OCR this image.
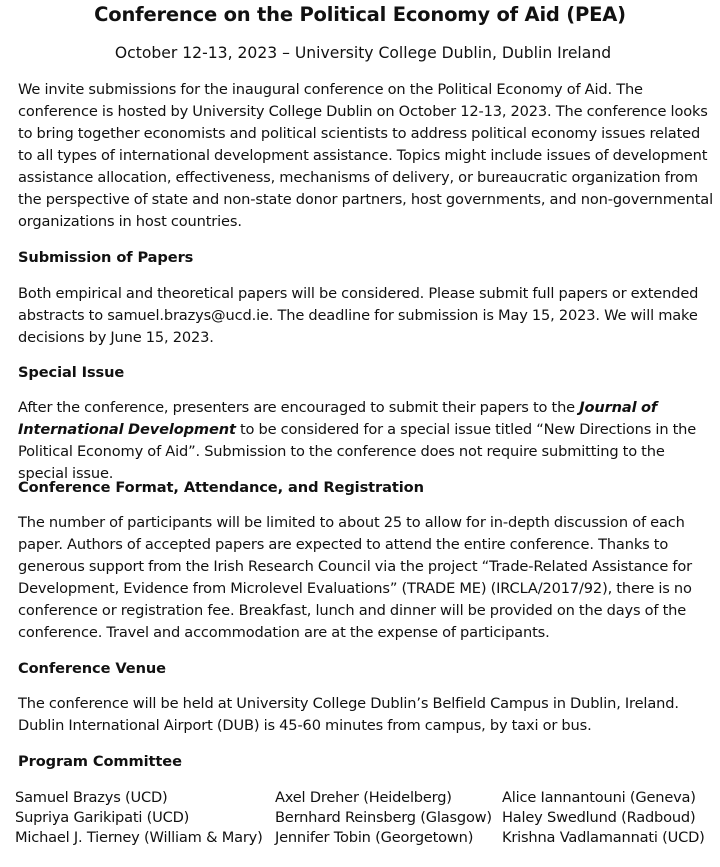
Conference on the Political Economy of Aid (PEA)
October 12-13, 2023 – University College Dublin, Dublin Ireland
We invite submissions for the inaugural conference on the Political Economy of Aid. The conference is hosted by University College Dublin on October 12-13, 2023. The conference looks to bring together economists and political scientists to address political economy issues related to all types of international development assistance. Topics might include issues of development assistance allocation, effectiveness, mechanisms of delivery, or bureaucratic organization from the perspective of state and non-state donor partners, host governments, and non-governmental organizations in host countries.
Submission of Papers
Both empirical and theoretical papers will be considered. Please submit full papers or extended abstracts to samuel.brazys@ucd.ie. The deadline for submission is May 15, 2023. We will make decisions by June 15, 2023.
Special Issue
After the conference, presenters are encouraged to submit their papers to the Journal of International Development to be considered for a special issue titled “New Directions in the Political Economy of Aid”. Submission to the conference does not require submitting to the special issue.
Conference Format, Attendance, and Registration
The number of participants will be limited to about 25 to allow for in-depth discussion of each paper. Authors of accepted papers are expected to attend the entire conference. Thanks to generous support from the Irish Research Council via the project “Trade-Related Assistance for Development, Evidence from Microlevel Evaluations” (TRADE ME) (IRCLA/2017/92), there is no conference or registration fee. Breakfast, lunch and dinner will be provided on the days of the conference. Travel and accommodation are at the expense of participants.
Conference Venue
The conference will be held at University College Dublin’s Belfield Campus in Dublin, Ireland. Dublin International Airport (DUB) is 45-60 minutes from campus, by taxi or bus.
Program Committee
Samuel Brazys (UCD)
Supriya Garikipati (UCD)
Michael J. Tierney (William & Mary)
Axel Dreher (Heidelberg)
Bernhard Reinsberg (Glasgow)
Jennifer Tobin (Georgetown)
Alice Iannantouni (Geneva)
Haley Swedlund (Radboud)
Krishna Vadlamannati (UCD)
